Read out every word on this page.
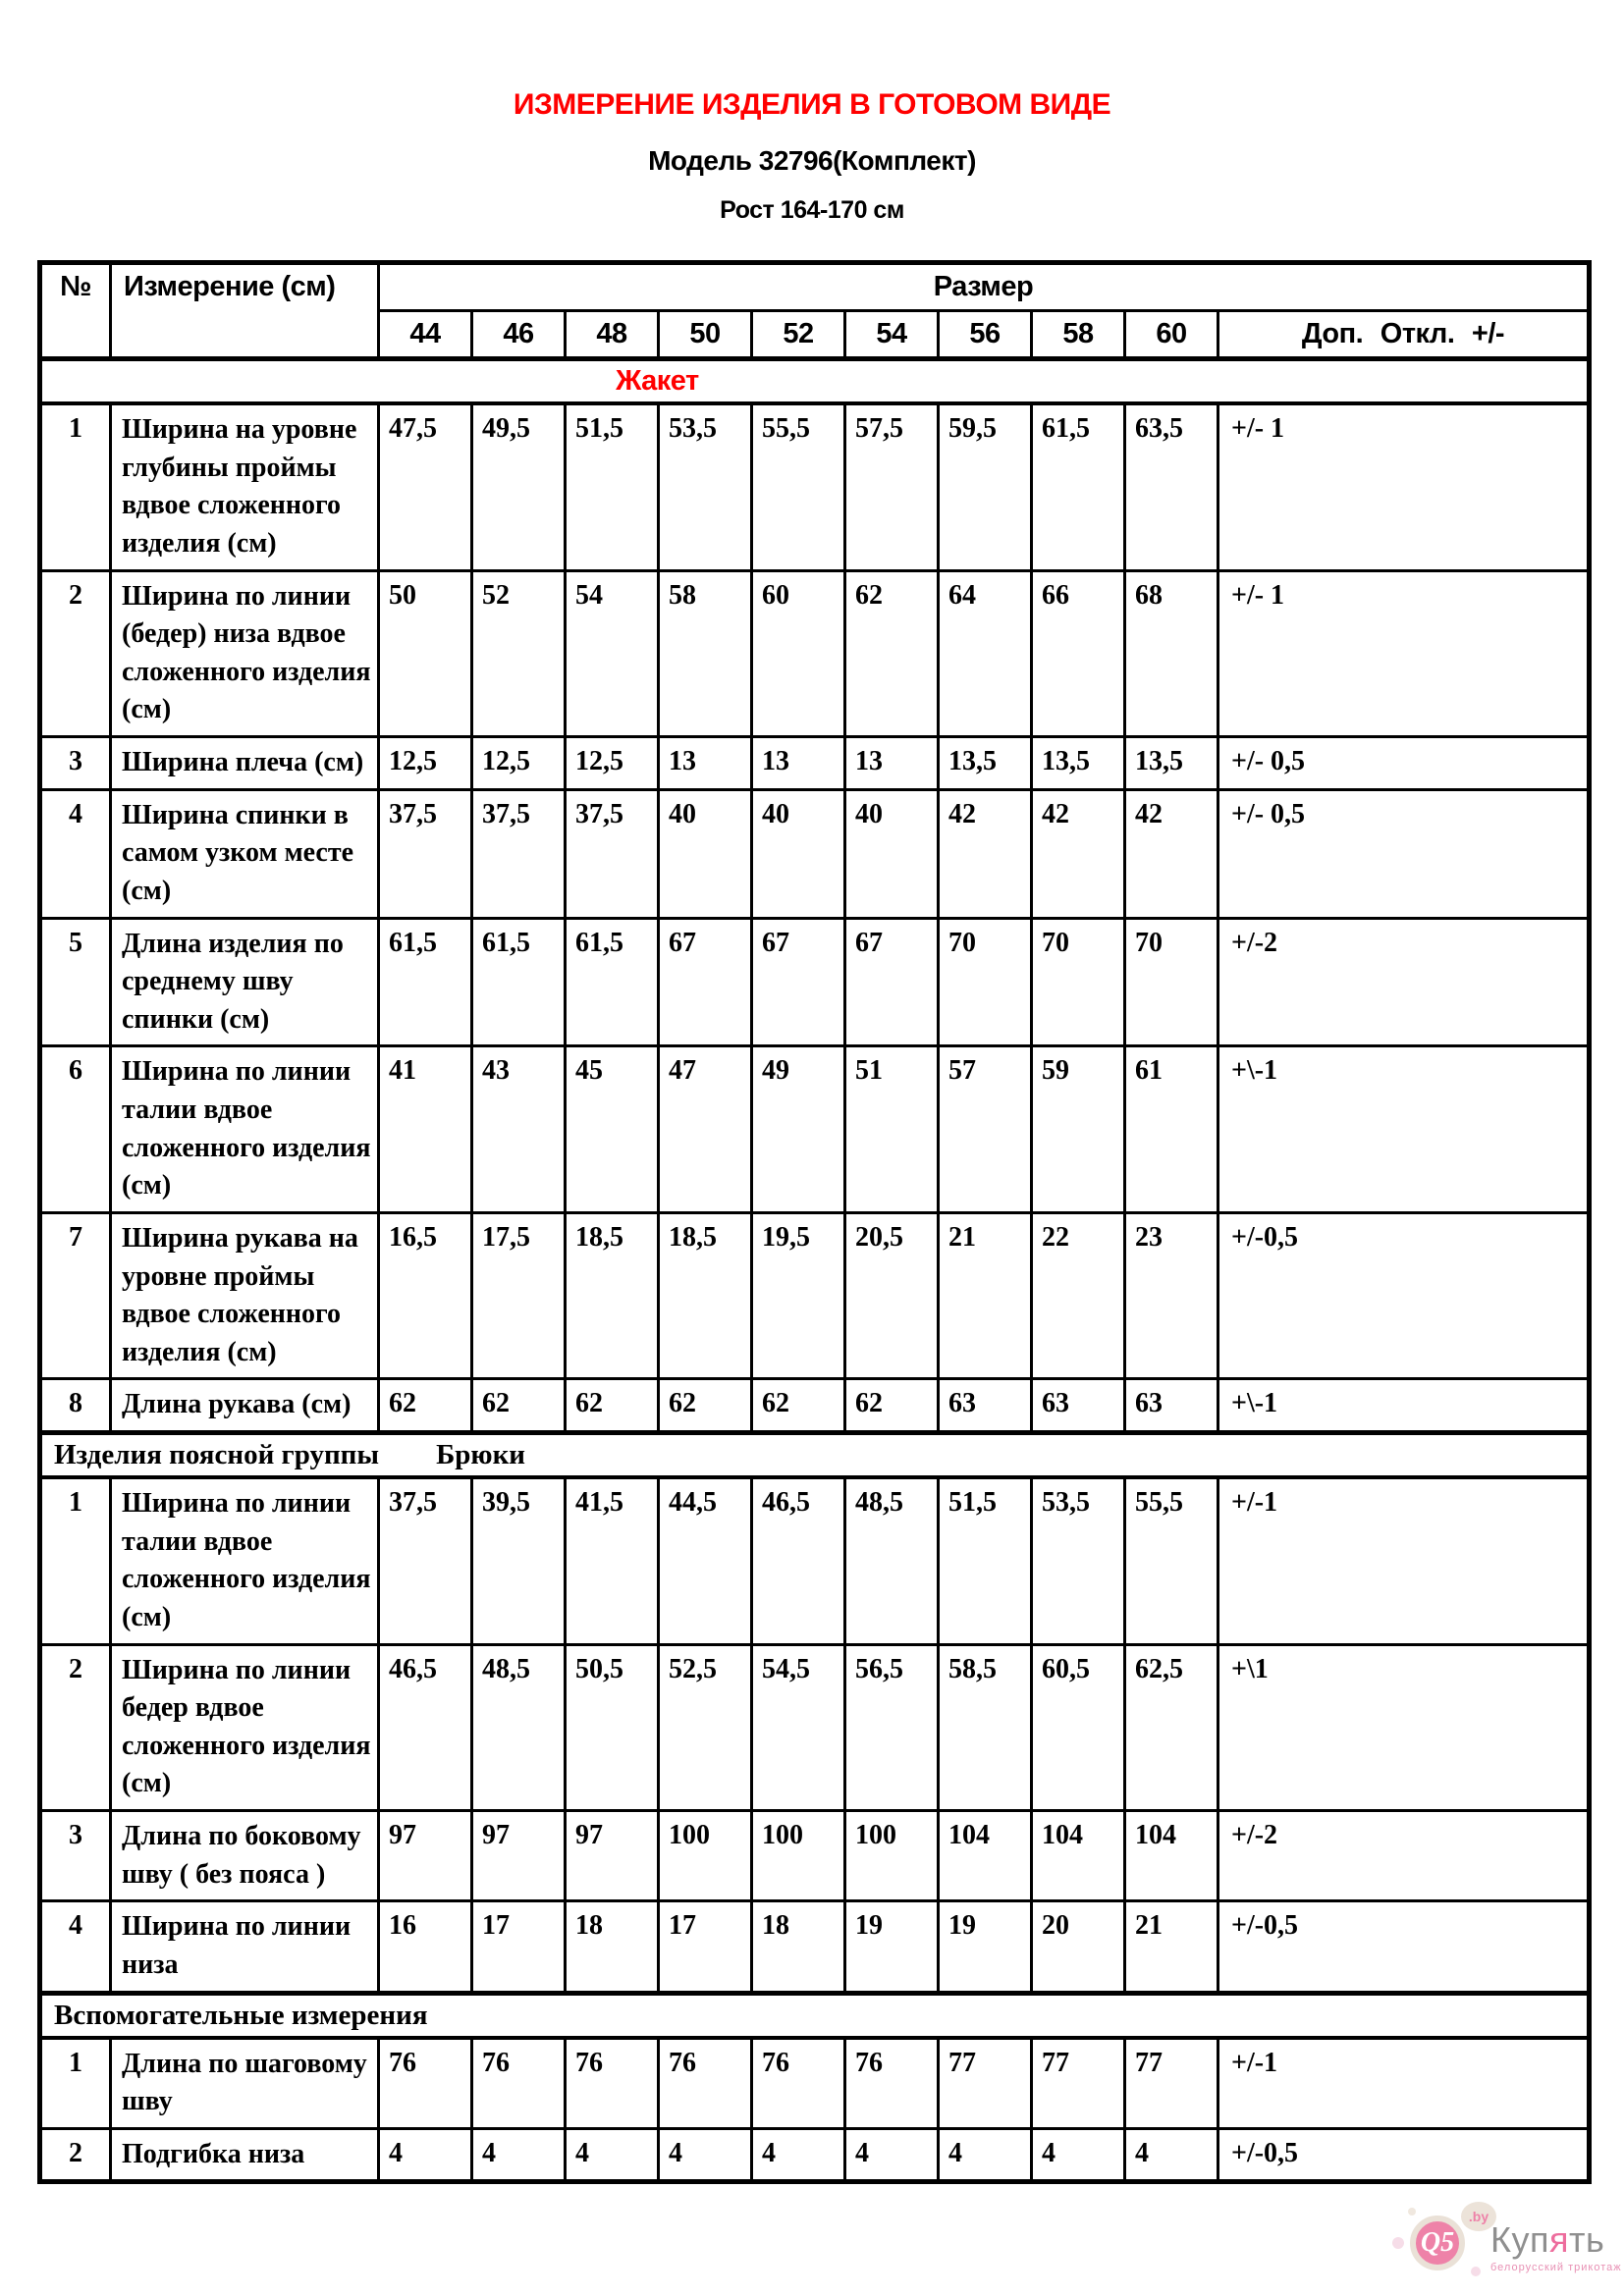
ИЗМЕРЕНИЕ ИЗДЕЛИЯ В ГОТОВОМ ВИДЕ
Модель 32796(Комплект)
Рост 164-170 см
№	Измерение (см)	Размер									
		44	46	48	50	52	54	56	58	60	Доп. Откл. +/-
Жакет											
1	Ширина на уровне глубины проймы вдвое сложенного изделия (см)	47,5	49,5	51,5	53,5	55,5	57,5	59,5	61,5	63,5	+/- 1
2	Ширина по линии (бедер) низа вдвое сложенного изделия (см)	50	52	54	58	60	62	64	66	68	+/- 1
3	Ширина плеча (см)	12,5	12,5	12,5	13	13	13	13,5	13,5	13,5	+/- 0,5
4	Ширина спинки в самом узком месте (см)	37,5	37,5	37,5	40	40	40	42	42	42	+/- 0,5
5	Длина изделия по среднему шву спинки (см)	61,5	61,5	61,5	67	67	67	70	70	70	+/-2
6	Ширина по линии талии вдвое сложенного изделия (см)	41	43	45	47	49	51	57	59	61	+\-1
7	Ширина рукава на уровне проймы вдвое сложенного изделия (см)	16,5	17,5	18,5	18,5	19,5	20,5	21	22	23	+/-0,5
8	Длина рукава (см)	62	62	62	62	62	62	63	63	63	+\-1
Изделия поясной группы Брюки											

1	Ширина по линии талии вдвое сложенного изделия (см)	37,5	39,5	41,5	44,5	46,5	48,5	51,5	53,5	55,5	+/-1
2	Ширина по линии бедер вдвое сложенного изделия (см)	46,5	48,5	50,5	52,5	54,5	56,5	58,5	60,5	62,5	+\1
3	Длина по боковому шву ( без пояса )	97	97	97	100	100	100	104	104	104	+/-2
4	Ширина по линии низа	16	17	18	17	18	19	19	20	21	+/-0,5
Вспомогательные измерения											
1	Длина по шаговому шву	76	76	76	76	76	76	77	77	77	+/-1
2	Подгибка низа	4	4	4	4	4	4	4	4	4	+/-0,5
Q5
.by
Купять
белорусский трикотаж
